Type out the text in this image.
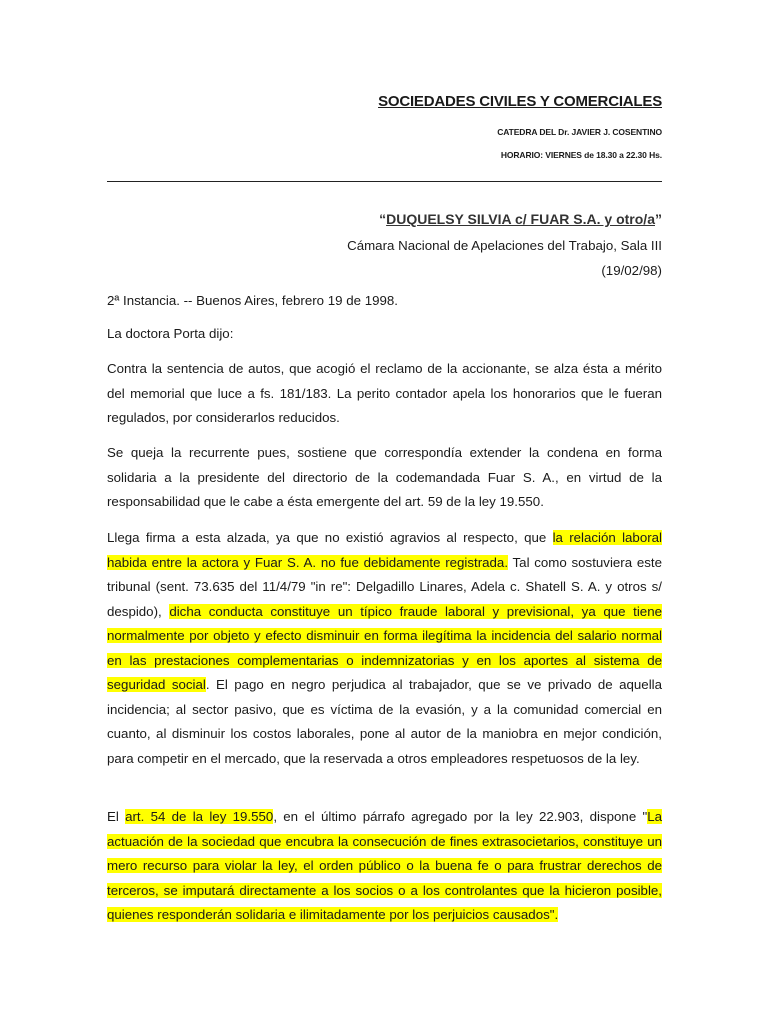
SOCIEDADES CIVILES Y COMERCIALES
CATEDRA DEL Dr. JAVIER J. COSENTINO
HORARIO: VIERNES de 18.30 a 22.30 Hs.
“DUQUELSY SILVIA c/ FUAR S.A. y otro/a”
Cámara Nacional de Apelaciones del Trabajo, Sala III
(19/02/98)
2ª Instancia. -- Buenos Aires, febrero 19 de 1998.
La doctora Porta dijo:
Contra la sentencia de autos, que acogió el reclamo de la accionante, se alza ésta a mérito del memorial que luce a fs. 181/183. La perito contador apela los honorarios que le fueran regulados, por considerarlos reducidos.
Se queja la recurrente pues, sostiene que correspondía extender la condena en forma solidaria a la presidente del directorio de la codemandada Fuar S. A., en virtud de la responsabilidad que le cabe a ésta emergente del art. 59 de la ley 19.550.
Llega firma a esta alzada, ya que no existió agravios al respecto, que la relación laboral habida entre la actora y Fuar S. A. no fue debidamente registrada. Tal como sostuviera este tribunal (sent. 73.635 del 11/4/79 "in re": Delgadillo Linares, Adela c. Shatell S. A. y otros s/ despido), dicha conducta constituye un típico fraude laboral y previsional, ya que tiene normalmente por objeto y efecto disminuir en forma ilegítima la incidencia del salario normal en las prestaciones complementarias o indemnizatorias y en los aportes al sistema de seguridad social. El pago en negro perjudica al trabajador, que se ve privado de aquella incidencia; al sector pasivo, que es víctima de la evasión, y a la comunidad comercial en cuanto, al disminuir los costos laborales, pone al autor de la maniobra en mejor condición, para competir en el mercado, que la reservada a otros empleadores respetuosos de la ley.
El art. 54 de la ley 19.550, en el último párrafo agregado por la ley 22.903, dispone "La actuación de la sociedad que encubra la consecución de fines extrasocietarios, constituye un mero recurso para violar la ley, el orden público o la buena fe o para frustrar derechos de terceros, se imputará directamente a los socios o a los controlantes que la hicieron posible, quienes responderán solidaria e ilimitadamente por los perjuicios causados".
